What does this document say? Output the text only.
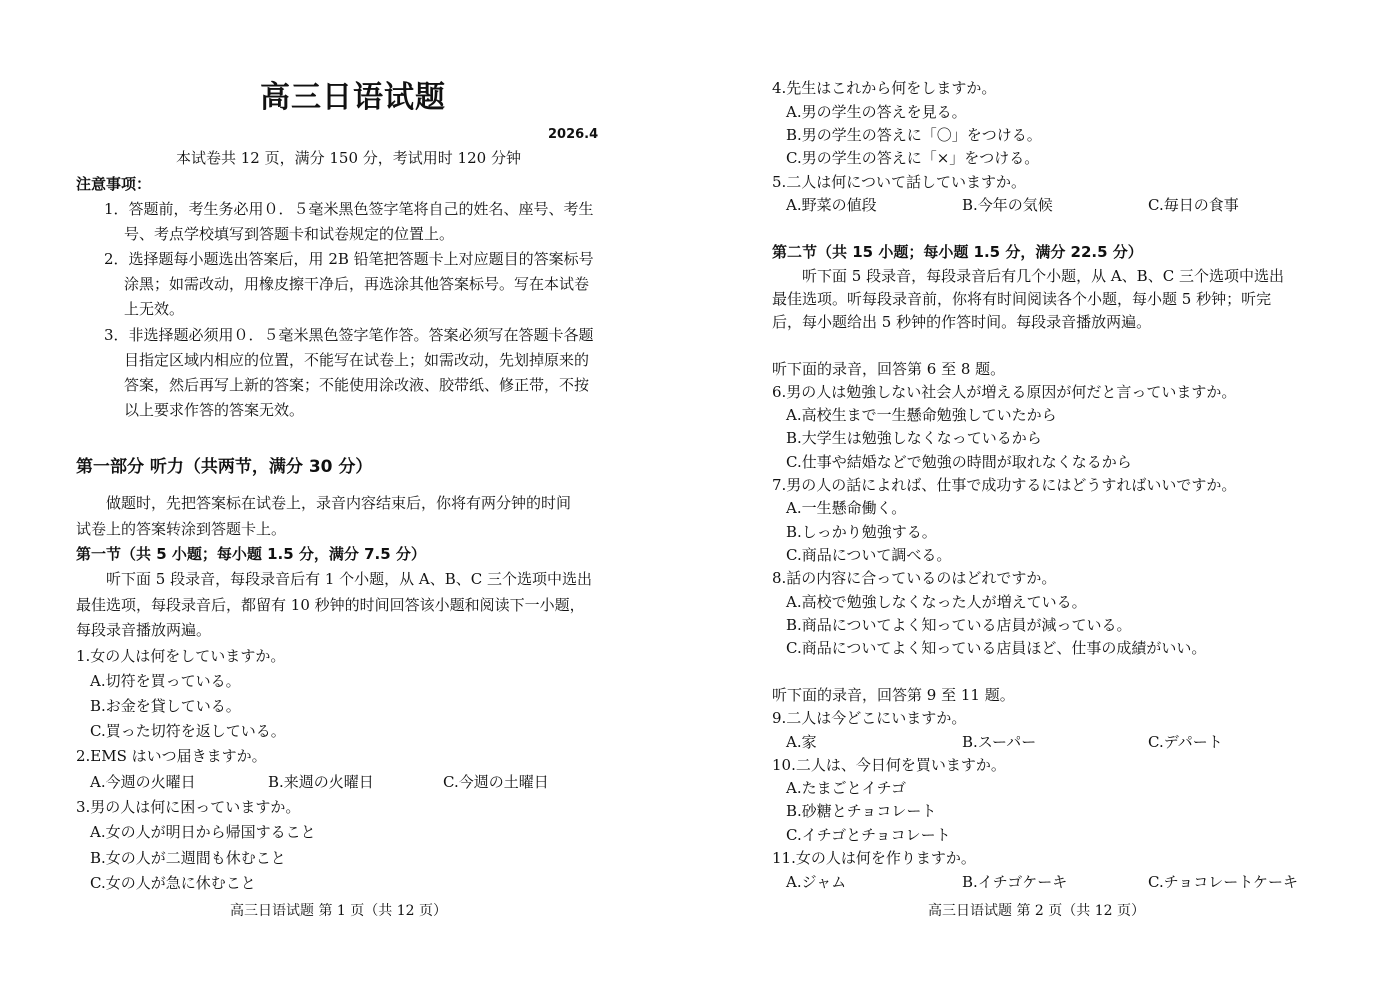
高三日语试题
2026.4
本试卷共 12 页，满分 150 分，考试用时 120 分钟
注意事项：
1．答题前，考生务必用０．５毫米黑色签字笔将自己的姓名、座号、考生
号、考点学校填写到答题卡和试卷规定的位置上。
2．选择题每小题选出答案后，用 2B 铅笔把答题卡上对应题目的答案标号
涂黑；如需改动，用橡皮擦干净后，再选涂其他答案标号。写在本试卷
上无效。
3．非选择题必须用０．５毫米黑色签字笔作答。答案必须写在答题卡各题
目指定区域内相应的位置，不能写在试卷上；如需改动，先划掉原来的
答案，然后再写上新的答案；不能使用涂改液、胶带纸、修正带，不按
以上要求作答的答案无效。
第一部分 听力（共两节，满分 30 分）
做题时，先把答案标在试卷上，录音内容结束后，你将有两分钟的时间
试卷上的答案转涂到答题卡上。
第一节（共 5 小题；每小题 1.5 分，满分 7.5 分）
听下面 5 段录音，每段录音后有 1 个小题，从 A、B、C 三个选项中选出
最佳选项，每段录音后，都留有 10 秒钟的时间回答该小题和阅读下一小题，
每段录音播放两遍。
1.女の人は何をしていますか。
A.切符を買っている。
B.お金を貸している。
C.買った切符を返している。
2.EMS はいつ届きますか。
A.今週の火曜日	B.来週の火曜日	C.今週の土曜日
3.男の人は何に困っていますか。
A.女の人が明日から帰国すること
B.女の人が二週間も休むこと
C.女の人が急に休むこと
高三日语试题 第 1 页（共 12 页）
4.先生はこれから何をしますか。
A.男の学生の答えを見る。
B.男の学生の答えに「〇」をつける。
C.男の学生の答えに「×」をつける。
5.二人は何について話していますか。
A.野菜の値段	B.今年の気候	C.毎日の食事
第二节（共 15 小题；每小题 1.5 分，满分 22.5 分）
听下面 5 段录音，每段录音后有几个小题，从 A、B、C 三个选项中选出
最佳选项。听每段录音前，你将有时间阅读各个小题，每小题 5 秒钟；听完
后，每小题给出 5 秒钟的作答时间。每段录音播放两遍。
听下面的录音，回答第 6 至 8 题。
6.男の人は勉強しない社会人が増える原因が何だと言っていますか。
A.高校生まで一生懸命勉強していたから
B.大学生は勉強しなくなっているから
C.仕事や結婚などで勉強の時間が取れなくなるから
7.男の人の話によれば、仕事で成功するにはどうすればいいですか。
A.一生懸命働く。
B.しっかり勉強する。
C.商品について調べる。
8.話の内容に合っているのはどれですか。
A.高校で勉強しなくなった人が増えている。
B.商品についてよく知っている店員が減っている。
C.商品についてよく知っている店員ほど、仕事の成績がいい。
听下面的录音，回答第 9 至 11 题。
9.二人は今どこにいますか。
A.家	B.スーパー	C.デパート
10.二人は、今日何を買いますか。
A.たまごとイチゴ
B.砂糖とチョコレート
C.イチゴとチョコレート
11.女の人は何を作りますか。
A.ジャム	B.イチゴケーキ	C.チョコレートケーキ
高三日语试题 第 2 页（共 12 页）
